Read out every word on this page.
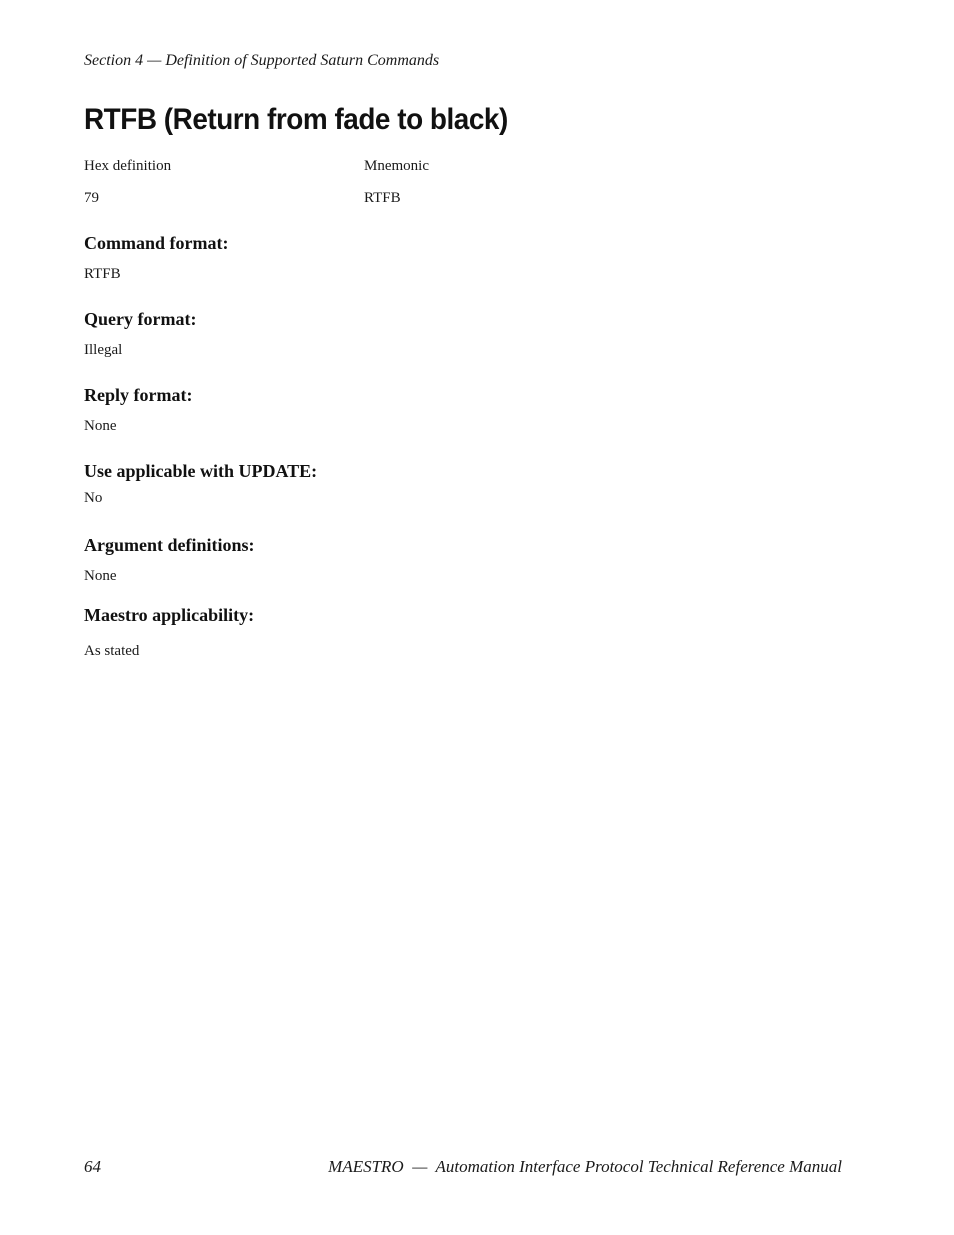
Section 4 — Definition of Supported Saturn Commands
RTFB (Return from fade to black)
Hex definition	Mnemonic
79	RTFB
Command format:
RTFB
Query format:
Illegal
Reply format:
None
Use applicable with UPDATE:
No
Argument definitions:
None
Maestro applicability:
As stated
64	MAESTRO  —  Automation Interface Protocol Technical Reference Manual
